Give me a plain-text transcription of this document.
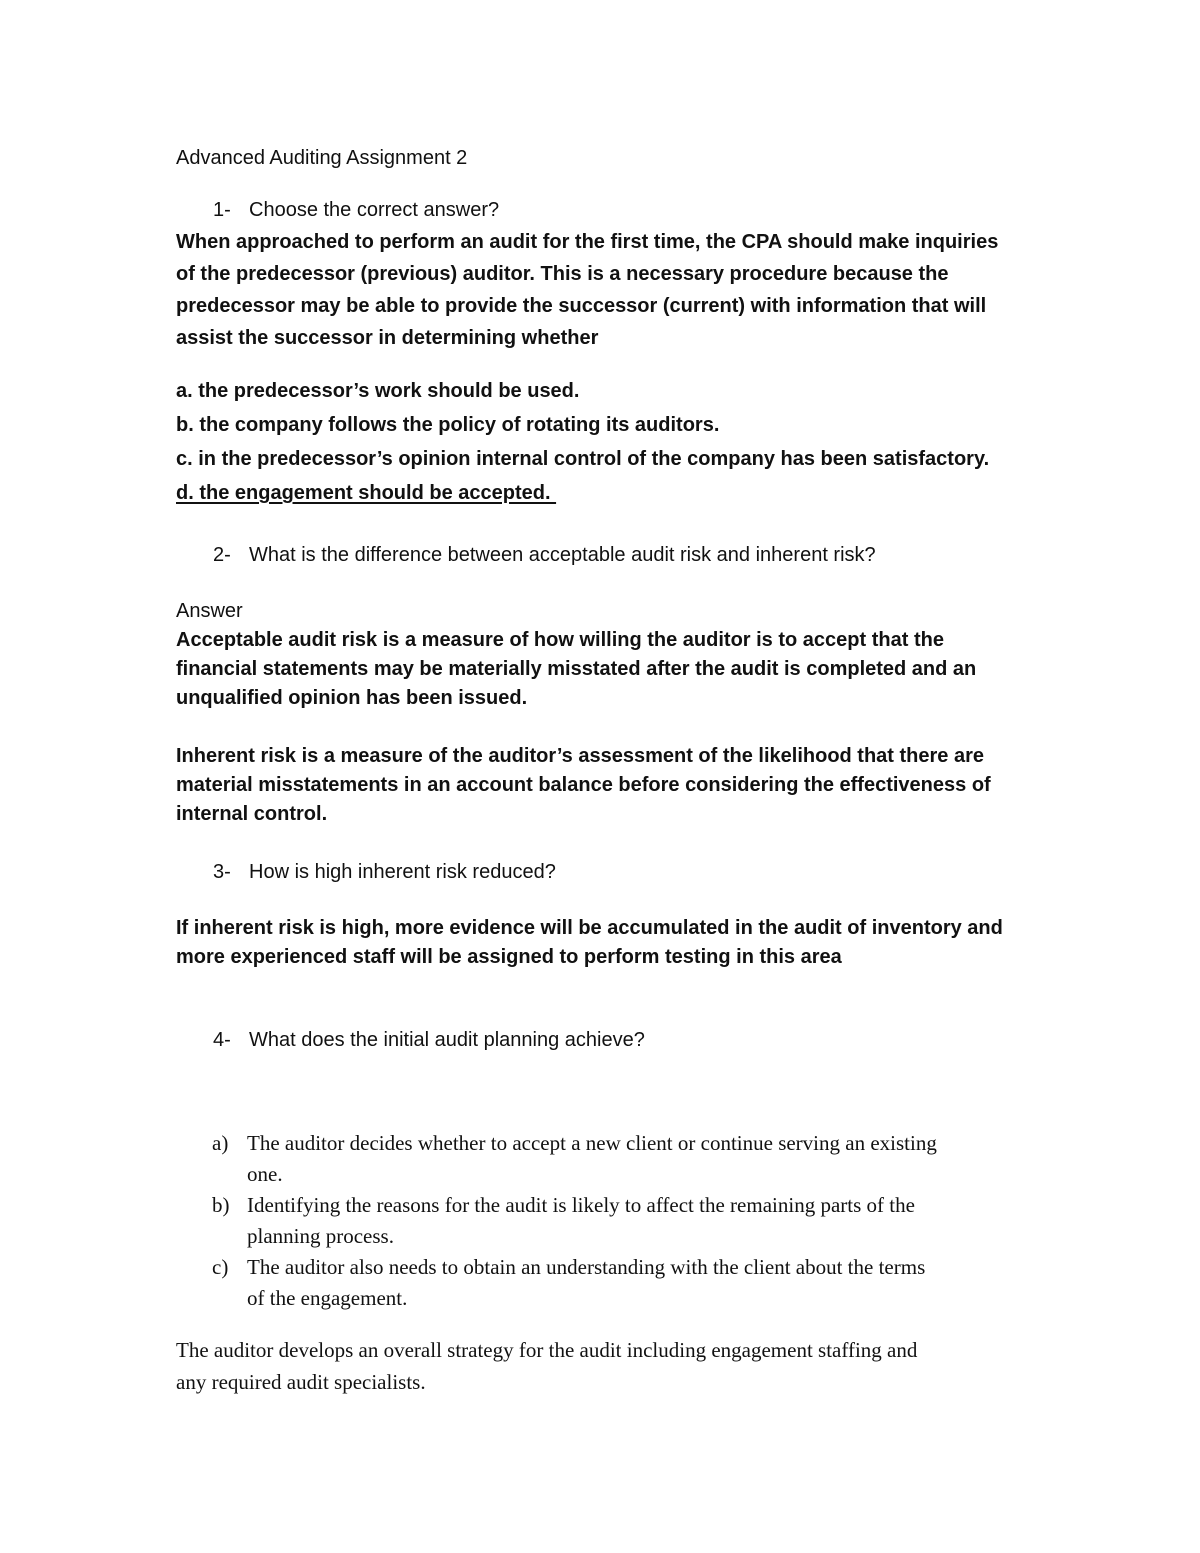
Advanced Auditing Assignment 2
1- Choose the correct answer?
When approached to perform an audit for the first time, the CPA should make inquiries
of the predecessor (previous) auditor. This is a necessary procedure because the
predecessor may be able to provide the successor (current) with information that will
assist the successor in determining whether
a. the predecessor’s work should be used.
b. the company follows the policy of rotating its auditors.
c. in the predecessor’s opinion internal control of the company has been satisfactory.
d. the engagement should be accepted.
2- What is the difference between acceptable audit risk and inherent risk?
Answer
Acceptable audit risk is a measure of how willing the auditor is to accept that the
financial statements may be materially misstated after the audit is completed and an
unqualified opinion has been issued.
Inherent risk is a measure of the auditor’s assessment of the likelihood that there are
material misstatements in an account balance before considering the effectiveness of
internal control.
3- How is high inherent risk reduced?
If inherent risk is high, more evidence will be accumulated in the audit of inventory and
more experienced staff will be assigned to perform testing in this area
4- What does the initial audit planning achieve?
a) The auditor decides whether to accept a new client or continue serving an existing
one.
b) Identifying the reasons for the audit is likely to affect the remaining parts of the
planning process.
c) The auditor also needs to obtain an understanding with the client about the terms
of the engagement.
The auditor develops an overall strategy for the audit including engagement staffing and
any required audit specialists.
